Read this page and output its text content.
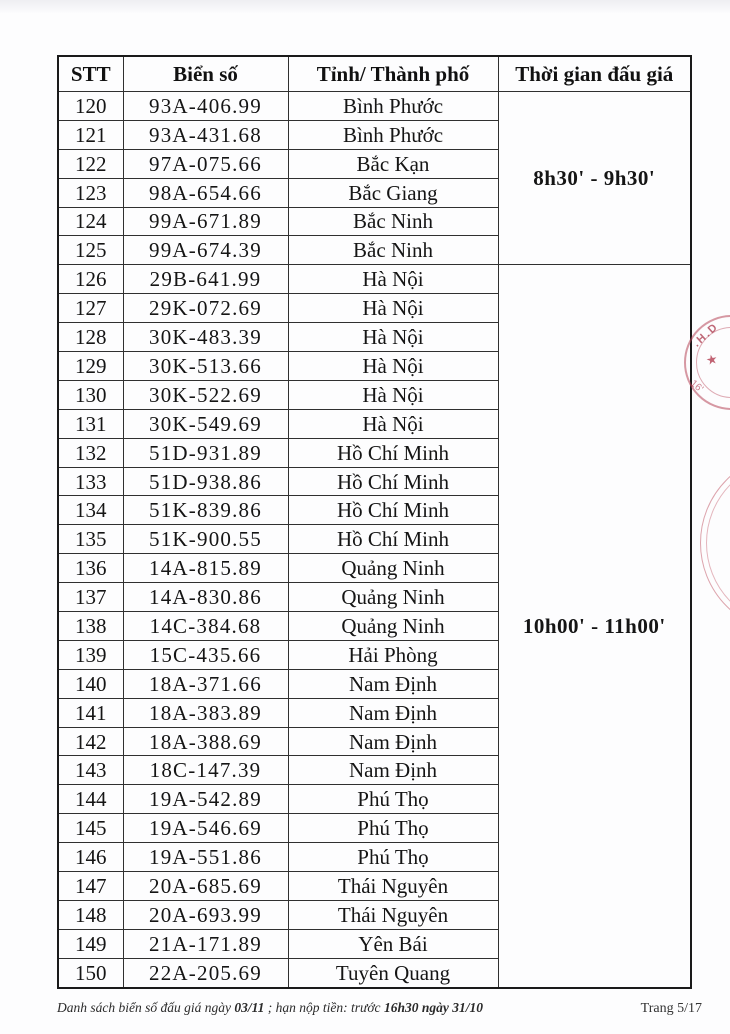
STT	Biển số	Tỉnh/ Thành phố	Thời gian đấu giá
120	93A-406.99	Bình Phước	8h30' - 9h30'
121	93A-431.68	Bình Phước	
122	97A-075.66	Bắc Kạn	
123	98A-654.66	Bắc Giang	
124	99A-671.89	Bắc Ninh	
125	99A-674.39	Bắc Ninh	
126	29B-641.99	Hà Nội	10h00' - 11h00'
127	29K-072.69	Hà Nội	
128	30K-483.39	Hà Nội	
129	30K-513.66	Hà Nội	
130	30K-522.69	Hà Nội	
131	30K-549.69	Hà Nội	
132	51D-931.89	Hồ Chí Minh	
133	51D-938.86	Hồ Chí Minh	
134	51K-839.86	Hồ Chí Minh	
135	51K-900.55	Hồ Chí Minh	
136	14A-815.89	Quảng Ninh	
137	14A-830.86	Quảng Ninh	
138	14C-384.68	Quảng Ninh	
139	15C-435.66	Hải Phòng	
140	18A-371.66	Nam Định	
141	18A-383.89	Nam Định	
142	18A-388.69	Nam Định	
143	18C-147.39	Nam Định	
144	19A-542.89	Phú Thọ	
145	19A-546.69	Phú Thọ	
146	19A-551.86	Phú Thọ	
147	20A-685.69	Thái Nguyên	
148	20A-693.99	Thái Nguyên	
149	21A-171.89	Yên Bái	
150	22A-205.69	Tuyên Quang	
.H.D
★
16'
Danh sách biển số đấu giá ngày 03/11 ; hạn nộp tiền: trước 16h30 ngày 31/10	Trang 5/17
